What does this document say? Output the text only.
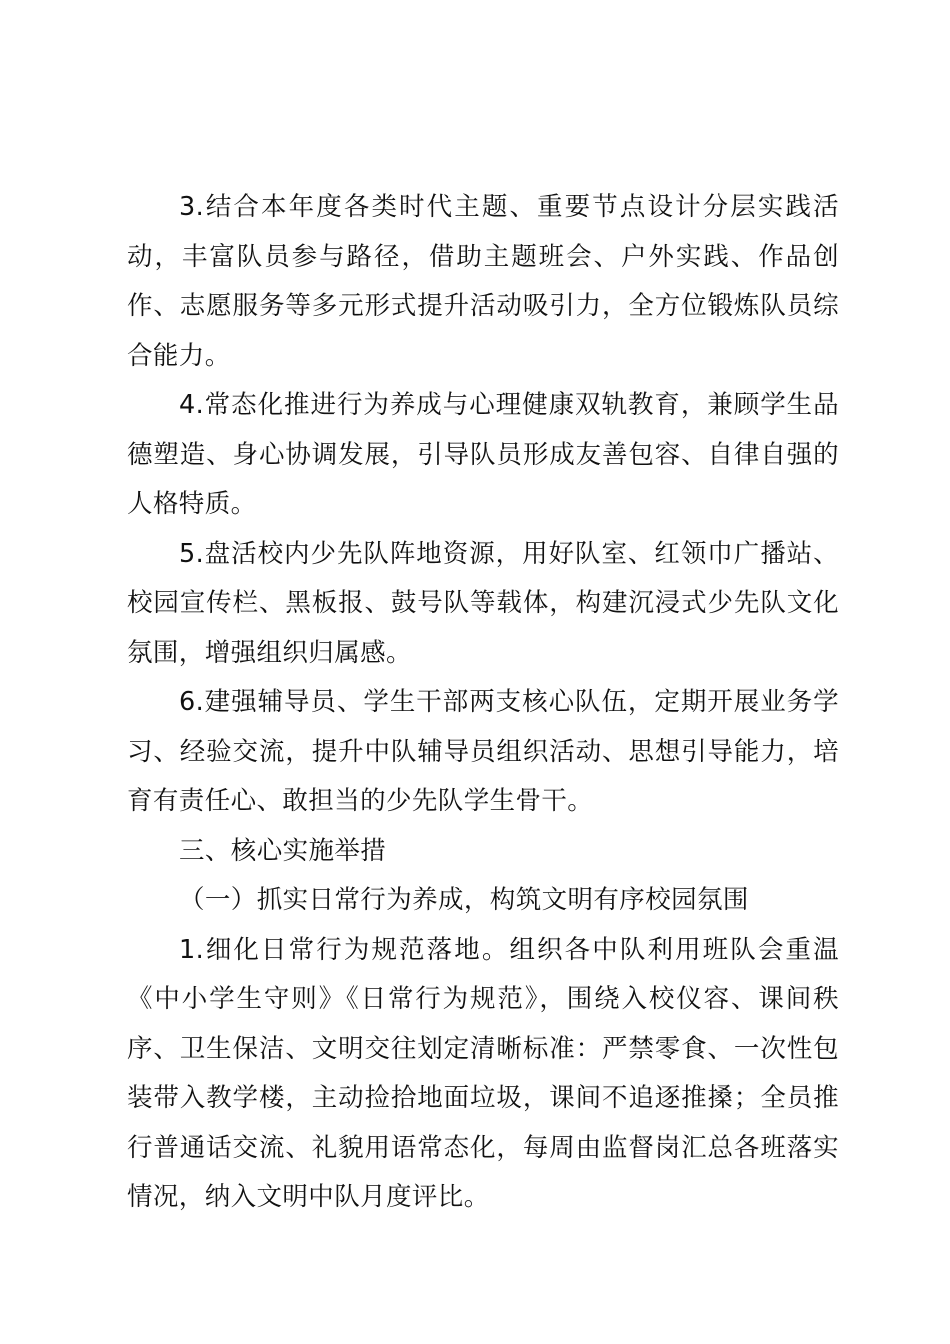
3.结合本年度各类时代主题、重要节点设计分层实践活动，丰富队员参与路径，借助主题班会、户外实践、作品创作、志愿服务等多元形式提升活动吸引力，全方位锻炼队员综合能力。

4.常态化推进行为养成与心理健康双轨教育，兼顾学生品德塑造、身心协调发展，引导队员形成友善包容、自律自强的人格特质。

5.盘活校内少先队阵地资源，用好队室、红领巾广播站、校园宣传栏、黑板报、鼓号队等载体，构建沉浸式少先队文化氛围，增强组织归属感。

6.建强辅导员、学生干部两支核心队伍，定期开展业务学习、经验交流，提升中队辅导员组织活动、思想引导能力，培育有责任心、敢担当的少先队学生骨干。

三、核心实施举措

（一）抓实日常行为养成，构筑文明有序校园氛围

1.细化日常行为规范落地。组织各中队利用班队会重温《中小学生守则》《日常行为规范》，围绕入校仪容、课间秩序、卫生保洁、文明交往划定清晰标准：严禁零食、一次性包装带入教学楼，主动捡拾地面垃圾，课间不追逐推搡；全员推行普通话交流、礼貌用语常态化，每周由监督岗汇总各班落实情况，纳入文明中队月度评比。
